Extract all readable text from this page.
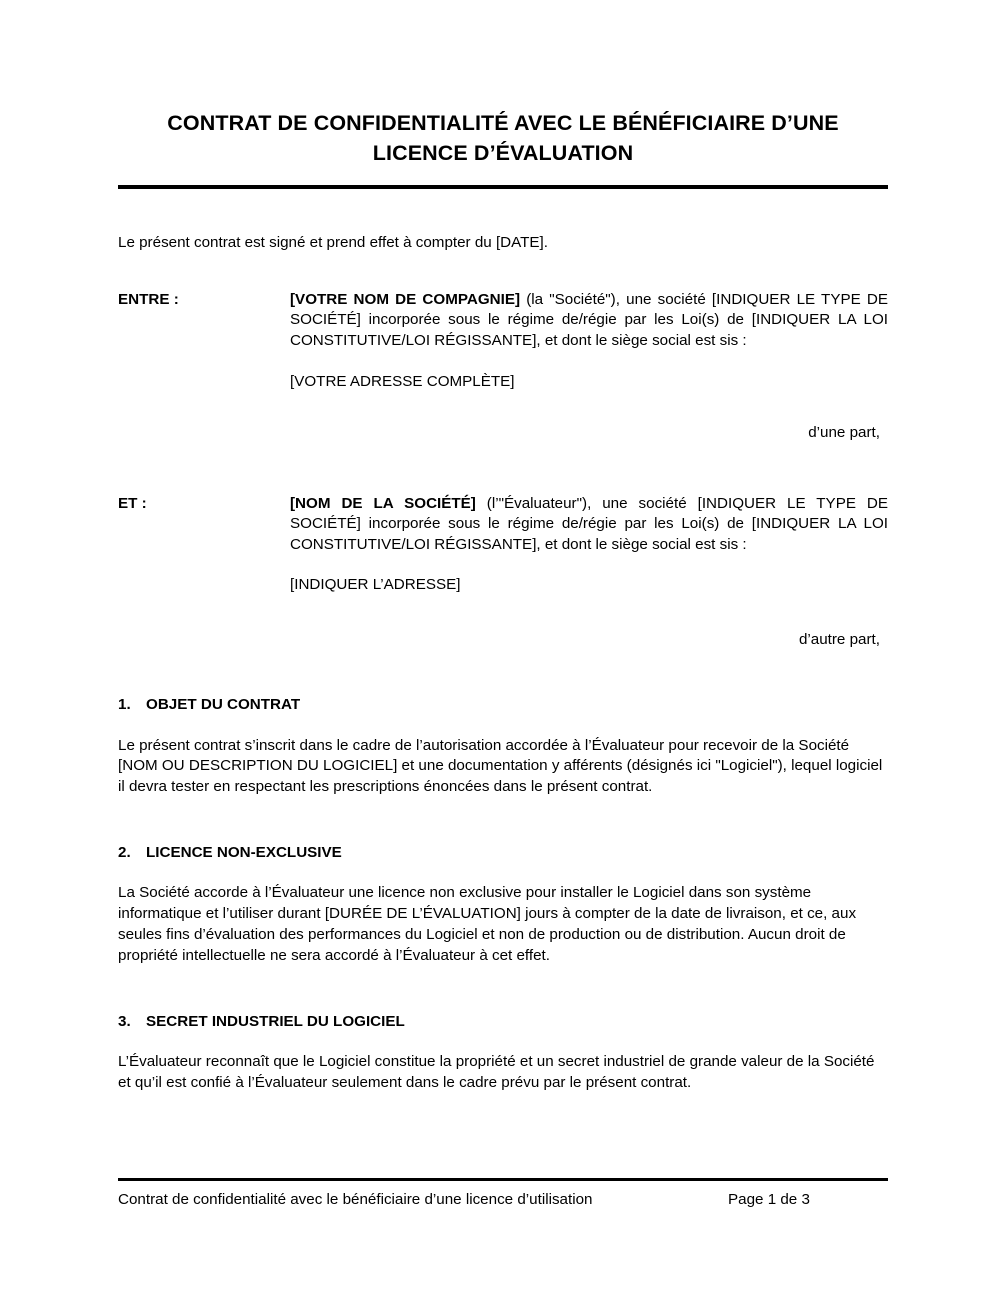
CONTRAT DE CONFIDENTIALITÉ AVEC LE BÉNÉFICIAIRE D’UNE LICENCE D’ÉVALUATION

Le présent contrat est signé et prend effet à compter du [DATE].

ENTRE :	[VOTRE NOM DE COMPAGNIE] (la "Société"), une société [INDIQUER LE TYPE DE SOCIÉTÉ] incorporée sous le régime de/régie par les Loi(s) de [INDIQUER LA LOI CONSTITUTIVE/LOI RÉGISSANTE], et dont le siège social est sis :
[VOTRE ADRESSE COMPLÈTE]
d’une part,
ET :	[NOM DE LA SOCIÉTÉ] (l’"Évaluateur"), une société [INDIQUER LE TYPE DE SOCIÉTÉ] incorporée sous le régime de/régie par les Loi(s) de [INDIQUER LA LOI CONSTITUTIVE/LOI RÉGISSANTE], et dont le siège social est sis :
[INDIQUER L’ADRESSE]
d’autre part,
1.	OBJET DU CONTRAT

Le présent contrat s’inscrit dans le cadre de l’autorisation accordée à l’Évaluateur pour recevoir de la Société [NOM OU DESCRIPTION DU LOGICIEL] et une documentation y afférents (désignés ici "Logiciel"), lequel logiciel il devra tester en respectant les prescriptions énoncées dans le présent contrat.

2.	LICENCE NON-EXCLUSIVE

La Société accorde à l’Évaluateur une licence non exclusive pour installer le Logiciel dans son système informatique et l’utiliser durant [DURÉE DE L’ÉVALUATION] jours à compter de la date de livraison, et ce, aux seules fins d’évaluation des performances du Logiciel et non de production ou de distribution. Aucun droit de propriété intellectuelle ne sera accordé à l’Évaluateur à cet effet.

3.	SECRET INDUSTRIEL DU LOGICIEL

L’Évaluateur reconnaît que le Logiciel constitue la propriété et un secret industriel de grande valeur de la Société et qu’il est confié à l’Évaluateur seulement dans le cadre prévu par le présent contrat.

Contrat de confidentialité avec le bénéficiaire d’une licence d’utilisation	Page 1 de 3
